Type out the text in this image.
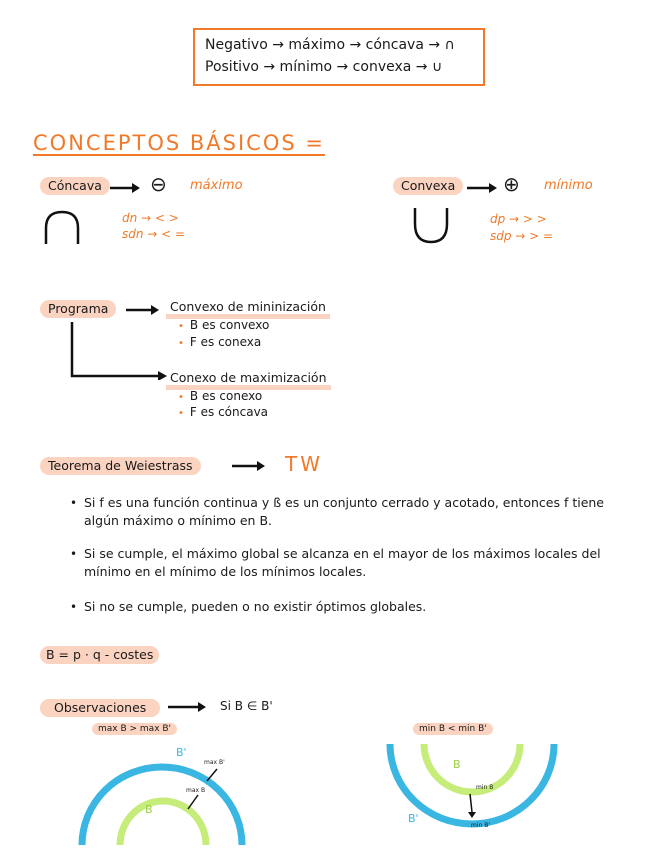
Negativo → máximo → cóncava → ∩
Positivo → mínimo → convexa → ∪
CONCEPTOS BÁSICOS =
Cóncava	⊖ máximo
dn → < >
sdn → < =
Convexa	⊕ mínimo
dp → > >
sdp → > =
Programa	Convexo de mininización
• B es convexo
• F es conexa
Conexo de maximización
• B es conexo
• F es cóncava
Teorema de Weiestrass	TW
• Si f es una función continua y ß es un conjunto cerrado y acotado, entonces f tiene algún máximo o mínimo en B.
• Si se cumple, el máximo global se alcanza en el mayor de los máximos locales del mínimo en el mínimo de los mínimos locales.
• Si no se cumple, pueden o no existir óptimos globales.
B = p · q - costes
Observaciones	Si B ∈ B'
max B > max B'	min B < min B'
B'
B
max B'
max B
B
B'
min B
min B'
